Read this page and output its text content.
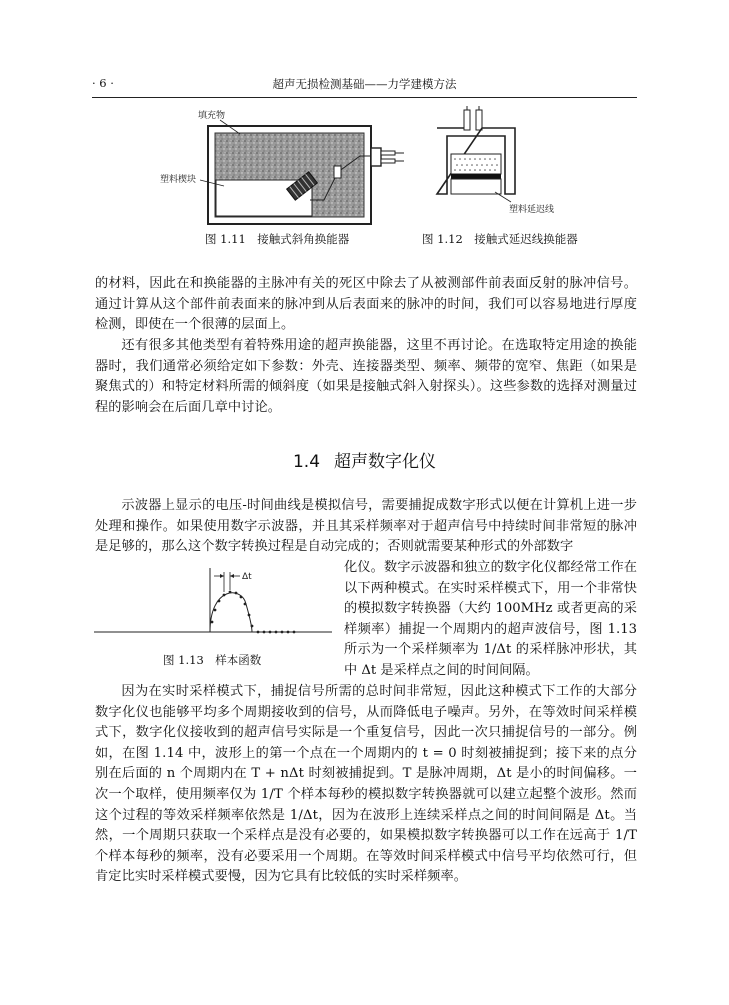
· 6 ·	超声无损检测基础——力学建模方法
填充物
塑料楔块
图 1.11　接触式斜角换能器
塑料延迟线
图 1.12　接触式延迟线换能器

的材料，因此在和换能器的主脉冲有关的死区中除去了从被测部件前表面反射的脉冲信号。通过计算从这个部件前表面来的脉冲到从后表面来的脉冲的时间，我们可以容易地进行厚度检测，即使在一个很薄的层面上。

还有很多其他类型有着特殊用途的超声换能器，这里不再讨论。在选取特定用途的换能器时，我们通常必须给定如下参数：外壳、连接器类型、频率、频带的宽窄、焦距（如果是聚焦式的）和特定材料所需的倾斜度（如果是接触式斜入射探头）。这些参数的选择对测量过程的影响会在后面几章中讨论。

1.4 超声数字化仪

示波器上显示的电压-时间曲线是模拟信号，需要捕捉成数字形式以便在计算机上进一步处理和操作。如果使用数字示波器，并且其采样频率对于超声信号中持续时间非常短的脉冲是足够的，那么这个数字转换过程是自动完成的；否则就需要某种形式的外部数字

Δt
图 1.13　样本函数

化仪。数字示波器和独立的数字化仪都经常工作在以下两种模式。在实时采样模式下，用一个非常快的模拟数字转换器（大约 100MHz 或者更高的采样频率）捕捉一个周期内的超声波信号，图 1.13 所示为一个采样频率为 1/Δt 的采样脉冲形状，其中 Δt 是采样点之间的时间间隔。

因为在实时采样模式下，捕捉信号所需的总时间非常短，因此这种模式下工作的大部分数字化仪也能够平均多个周期接收到的信号，从而降低电子噪声。另外，在等效时间采样模式下，数字化仪接收到的超声信号实际是一个重复信号，因此一次只捕捉信号的一部分。例如，在图 1.14 中，波形上的第一个点在一个周期内的 t = 0 时刻被捕捉到；接下来的点分别在后面的 n 个周期内在 T + nΔt 时刻被捕捉到。T 是脉冲周期，Δt 是小的时间偏移。一次一个取样，使用频率仅为 1/T 个样本每秒的模拟数字转换器就可以建立起整个波形。然而这个过程的等效采样频率依然是 1/Δt，因为在波形上连续采样点之间的时间间隔是 Δt。当然，一个周期只获取一个采样点是没有必要的，如果模拟数字转换器可以工作在远高于 1/T 个样本每秒的频率，没有必要采用一个周期。在等效时间采样模式中信号平均依然可行，但肯定比实时采样模式要慢，因为它具有比较低的实时采样频率。
